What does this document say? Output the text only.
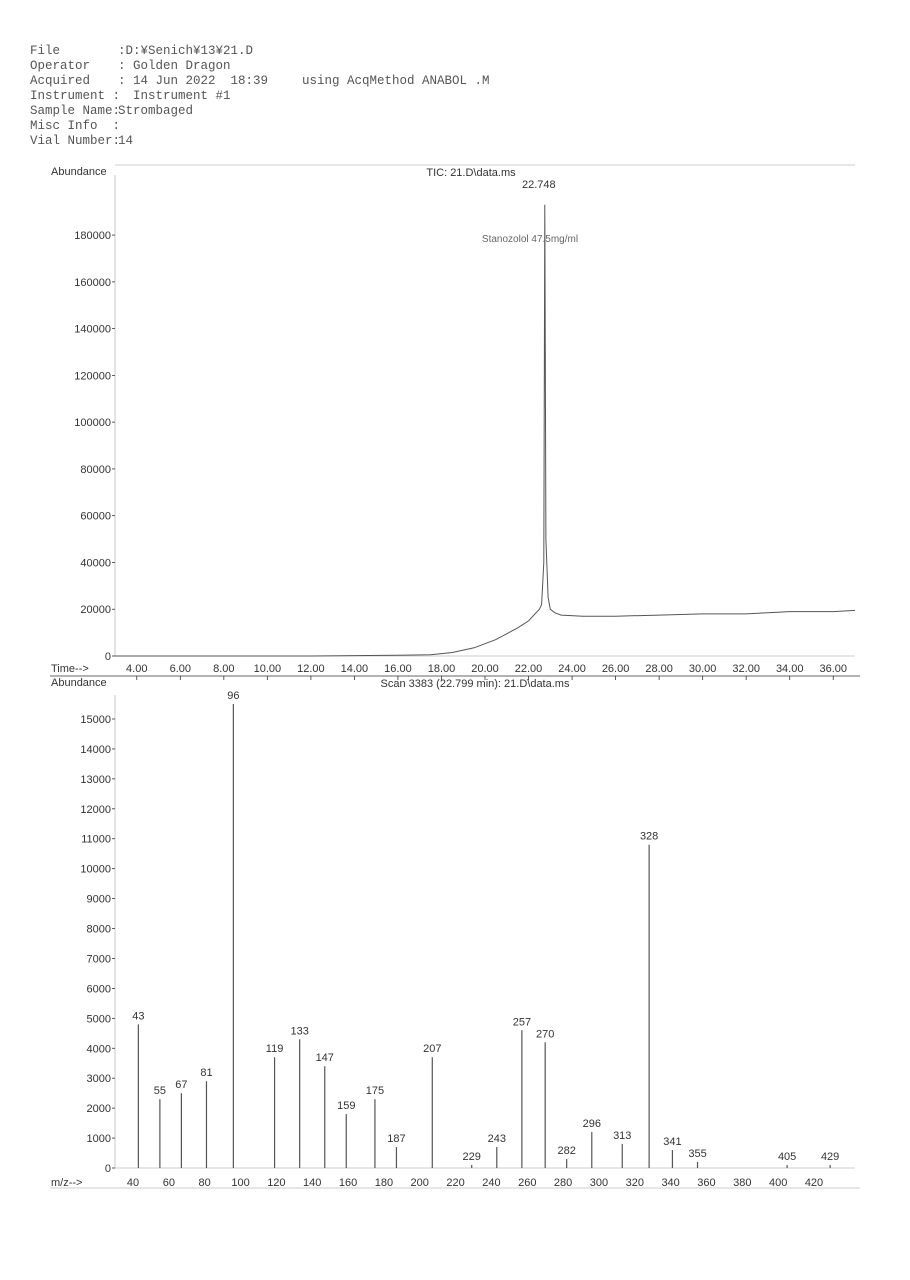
File	:D:¥Senich¥13¥21.D
Operator : Golden Dragon
Acquired : 14 Jun 2022  18:39	using AcqMethod ANABOL .M
Instrument :  Instrument #1
Sample Name:Strombaged
Misc Info  :
Vial Number:14
Abundance	TIC: 21.D\data.ms
Time-->
0
20000
40000
60000
80000
100000
120000
140000
160000
180000
4.00 6.00 8.00 10.00 12.00 14.00 16.00 18.00 20.00 22.00 24.00 26.00 28.00 30.00 32.00 34.00 36.00
22.748
Stanozolol 47.5mg/ml
Abundance	Scan 3383 (22.799 min): 21.D\data.ms
m/z-->
0
1000
2000
3000
4000
5000
6000
7000
8000
9000
10000
11000
12000
13000
14000
15000
40 60 80 100 120 140 160 180 200 220 240 260 280 300 320 340 360 380 400 420
43
55 67
81
96
119
133
147
159
175
187
207
229
243
257
270
282
296
313
328
341
355	405 429
